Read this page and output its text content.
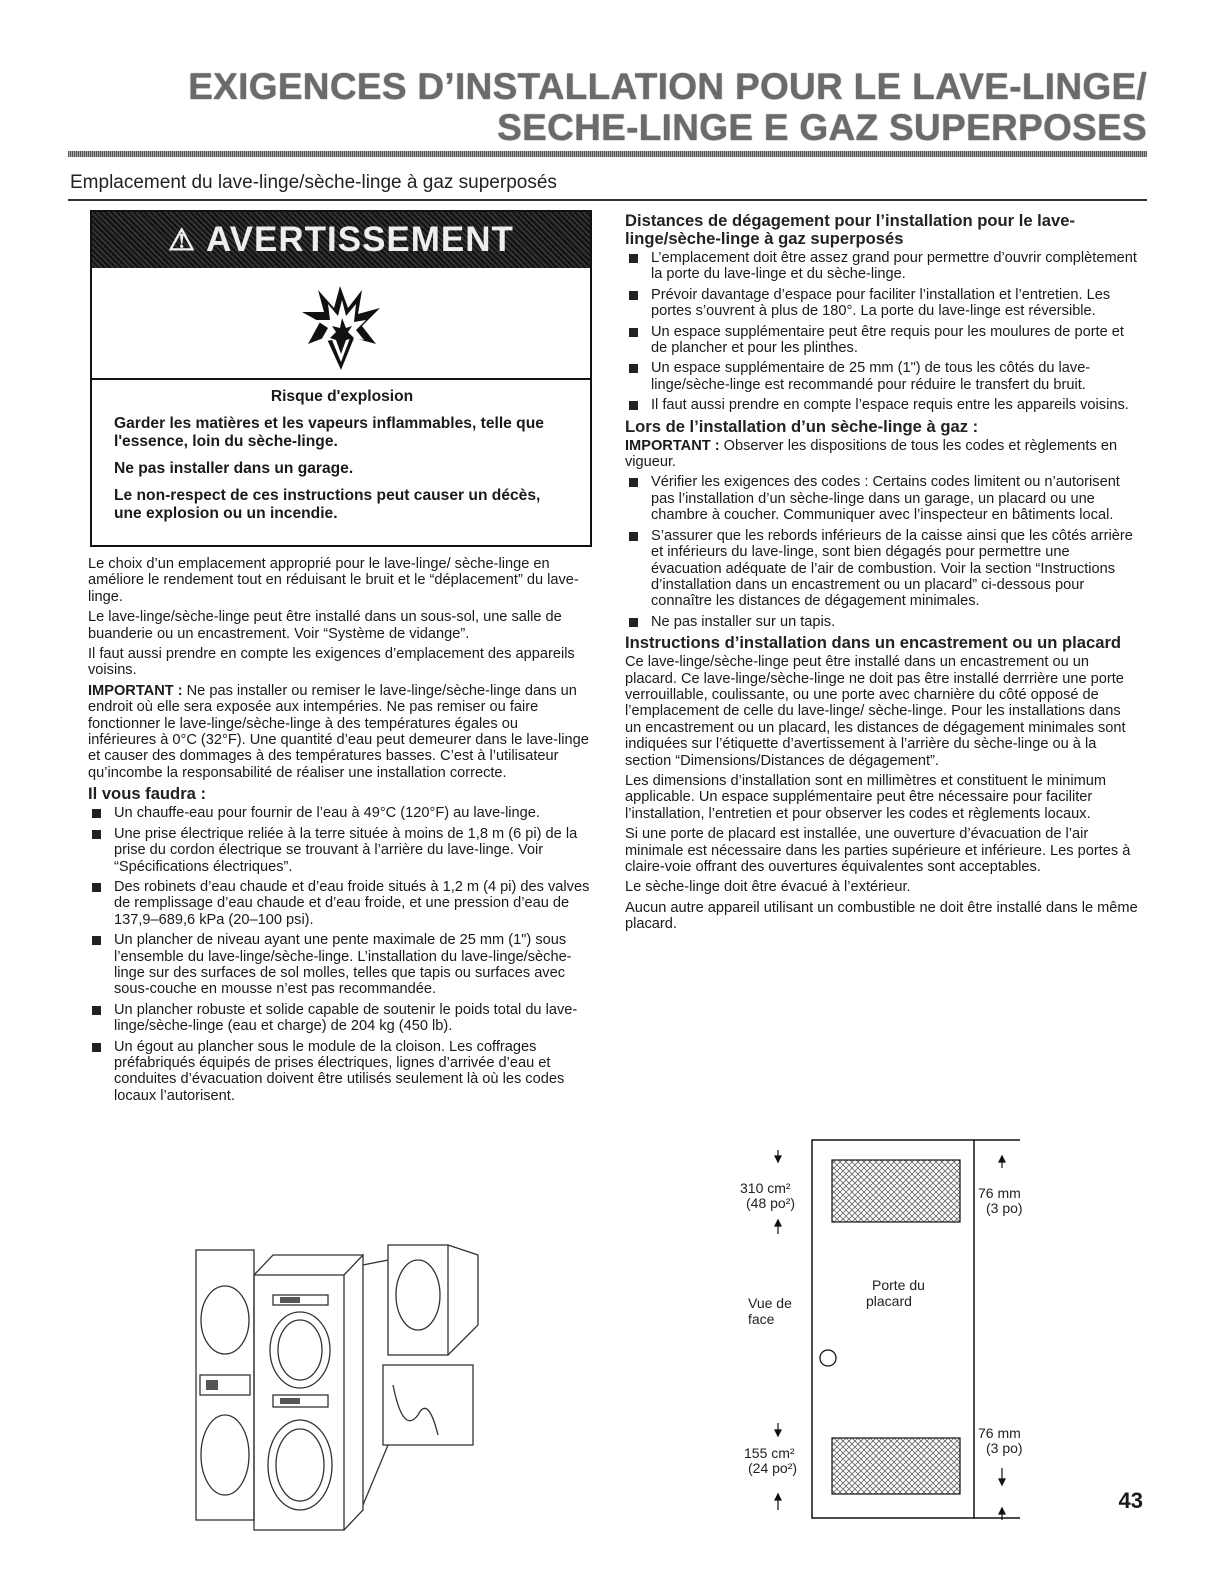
EXIGENCES D’INSTALLATION POUR LE LAVE-LINGE/
SECHE-LINGE E GAZ SUPERPOSES
Emplacement du lave-linge/sèche-linge à gaz superposés
⚠ AVERTISSEMENT

Risque d'explosion

Garder les matières et les vapeurs inflammables, telle que l'essence, loin du sèche-linge.

Ne pas installer dans un garage.

Le non-respect de ces instructions peut causer un décès, une explosion ou un incendie.

Le choix d’un emplacement approprié pour le lave-linge/ sèche-linge en améliore le rendement tout en réduisant le bruit et le “déplacement” du lave-linge.

Le lave-linge/sèche-linge peut être installé dans un sous-sol, une salle de buanderie ou un encastrement. Voir “Système de vidange”.

Il faut aussi prendre en compte les exigences d’emplacement des appareils voisins.

IMPORTANT : Ne pas installer ou remiser le lave-linge/sèche-linge dans un endroit où elle sera exposée aux intempéries. Ne pas remiser ou faire fonctionner le lave-linge/sèche-linge à des températures égales ou inférieures à 0°C (32°F). Une quantité d’eau peut demeurer dans le lave-linge et causer des dommages à des températures basses. C’est à l’utilisateur qu’incombe la responsabilité de réaliser une installation correcte.

Il vous faudra :
Un chauffe-eau pour fournir de l’eau à 49°C (120°F) au lave-linge.
Une prise électrique reliée à la terre située à moins de 1,8 m (6 pi) de la prise du cordon électrique se trouvant à l’arrière du lave-linge. Voir “Spécifications électriques”.
Des robinets d’eau chaude et d’eau froide situés à 1,2 m (4 pi) des valves de remplissage d’eau chaude et d’eau froide, et une pression d’eau de 137,9–689,6 kPa (20–100 psi).
Un plancher de niveau ayant une pente maximale de 25 mm (1") sous l’ensemble du lave-linge/sèche-linge. L’installation du lave-linge/sèche-linge sur des surfaces de sol molles, telles que tapis ou surfaces avec sous-couche en mousse n’est pas recommandée.
Un plancher robuste et solide capable de soutenir le poids total du lave-linge/sèche-linge (eau et charge) de 204 kg (450 lb).
Un égout au plancher sous le module de la cloison. Les coffrages préfabriqués équipés de prises électriques, lignes d’arrivée d’eau et conduites d’évacuation doivent être utilisés seulement là où les codes locaux l’autorisent.
Distances de dégagement pour l’installation pour le lave-linge/sèche-linge à gaz superposés
L’emplacement doit être assez grand pour permettre d’ouvrir complètement la porte du lave-linge et du sèche-linge.
Prévoir davantage d’espace pour faciliter l’installation et l’entretien. Les portes s’ouvrent à plus de 180°. La porte du lave-linge est réversible.
Un espace supplémentaire peut être requis pour les moulures de porte et de plancher et pour les plinthes.
Un espace supplémentaire de 25 mm (1") de tous les côtés du lave-linge/sèche-linge est recommandé pour réduire le transfert du bruit.
Il faut aussi prendre en compte l’espace requis entre les appareils voisins.
Lors de l’installation d’un sèche-linge à gaz :

IMPORTANT : Observer les dispositions de tous les codes et règlements en vigueur.

Vérifier les exigences des codes : Certains codes limitent ou n’autorisent pas l’installation d’un sèche-linge dans un garage, un placard ou une chambre à coucher. Communiquer avec l’inspecteur en bâtiments local.
S’assurer que les rebords inférieurs de la caisse ainsi que les côtés arrière et inférieurs du lave-linge, sont bien dégagés pour permettre une évacuation adéquate de l’air de combustion. Voir la section “Instructions d’installation dans un encastrement ou un placard” ci-dessous pour connaître les distances de dégagement minimales.
Ne pas installer sur un tapis.
Instructions d’installation dans un encastrement ou un placard

Ce lave-linge/sèche-linge peut être installé dans un encastrement ou un placard. Ce lave-linge/sèche-linge ne doit pas être installé derrrière une porte verrouillable, coulissante, ou une porte avec charnière du côté opposé de l’emplacement de celle du lave-linge/ sèche-linge. Pour les installations dans un encastrement ou un placard, les distances de dégagement minimales sont indiquées sur l’étiquette d’avertissement à l’arrière du sèche-linge ou à la section “Dimensions/Distances de dégagement”.

Les dimensions d’installation sont en millimètres et constituent le minimum applicable. Un espace supplémentaire peut être nécessaire pour faciliter l’installation, l’entretien et pour observer les codes et règlements locaux.

Si une porte de placard est installée, une ouverture d’évacuation de l’air minimale est nécessaire dans les parties supérieure et inférieure. Les portes à claire-voie offrant des ouvertures équivalentes sont acceptables.

Le sèche-linge doit être évacué à l’extérieur.

Aucun autre appareil utilisant un combustible ne doit être installé dans le même placard.

310 cm²
(48 po²)
76 mm
(3 po)
Vue de
face
Porte du
placard
76 mm
(3 po)
155 cm²
(24 po²)
43
